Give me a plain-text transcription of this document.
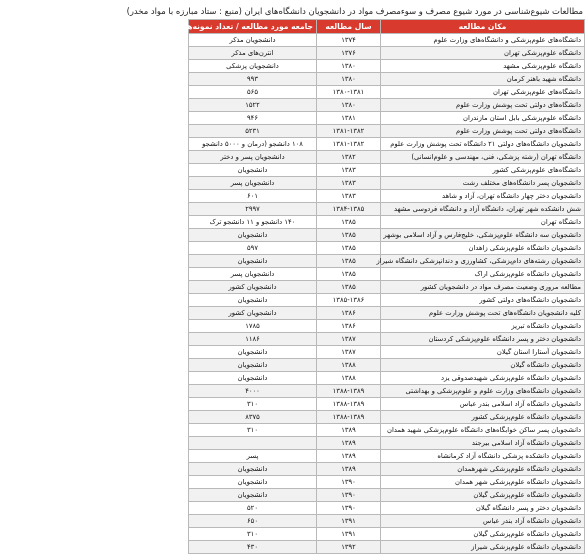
مطالعات شیوع‌شناسی در مورد شیوع مصرف و سوء‌مصرف مواد در دانشجویان دانشگاه‌های ایران (منبع : ستاد مبارزه با مواد مخدر)
مکان مطالعه	سال مطالعه	جامعه مورد مطالعه / تعداد نمونه‌ها‌هه‌نفر	
دانشگاه‌های علوم‌پزشکی و دانشگاه‌های وزارت علوم	۱۳۷۴	دانشجویان مذکر	
دانشگاه علوم‌پزشکی تهران	۱۳۷۶	انترن‌های مذکر	
دانشگاه علوم‌پزشکی مشهد	۱۳۸۰	دانشجویان پزشکی	
دانشگاه شهید باهنر کرمان	۱۳۸۰	۹۹۳	
دانشگاه‌های علوم‌پزشکی تهران	۱۳۸۰-۱۳۸۱	۵۶۵	
دانشگاه‌های دولتی تحت پوشش وزارت علوم	۱۳۸۰	۱۵۲۲	
دانشگاه علوم‌پزشکی بابل استان مازندران	۱۳۸۱	۹۴۶	
دانشگاه‌های دولتی تحت پوشش وزارت علوم	۱۳۸۱-۱۳۸۲	۵۲۳۱	
دانشجویان دانشگاه‌های دولتی ۲۱ دانشگاه تحت پوشش وزارت علوم	۱۳۸۱-۱۳۸۲	۱۰۸ دانشجو (درمان و ۵۰۰۰ دانشجو	
دانشگاه تهران (رشته پزشکی، فنی، مهندسی و علوم‌انسانی)	۱۳۸۲	دانشجویان پسر و دختر	
دانشگاه‌های علوم‌پزشکی کشور	۱۳۸۳	دانشجویان	
دانشجویان پسر دانشگاه‌های مختلف رشت	۱۳۸۳	دانشجویان پسر	
دانشجویان دختر چهار دانشگاه تهران، آزاد و شاهد	۱۳۸۳	۶۰۱	
شش دانشکده شهر تهران، دانشگاه آزاد و دانشگاه فردوسی مشهد	۱۳۸۴-۱۳۸۵	۲۹۹۷	
دانشگاه تهران	۱۳۸۵	۱۴۰ دانشجو و ۱۱ دانشجو ترک	
دانشجویان سه دانشگاه علوم‌پزشکی، خلیج‌فارس و آزاد اسلامی بوشهر	۱۳۸۵	دانشجویان	
دانشجویان دانشگاه علوم‌پزشکی زاهدان	۱۳۸۵	۵۹۷	
دانشجویان رشته‌های دام‌پزشکی، کشاورزی و دندانپزشکی دانشگاه شیراز	۱۳۸۵	دانشجویان	
دانشجویان دانشگاه علوم‌پزشکی اراک	۱۳۸۵	دانشجویان پسر	
مطالعه مروری وضعیت مصرف مواد در دانشجویان کشور	۱۳۸۵	دانشجویان کشور	
دانشجویان دانشگاه‌های دولتی کشور	۱۳۸۵-۱۳۸۶	دانشجویان	
کلیه دانشجویان دانشگاه‌های تحت پوشش وزارت علوم	۱۳۸۶	دانشجویان کشور	
دانشجویان دانشگاه تبریز	۱۳۸۶	۱۷۸۵	
دانشجویان دختر و پسر دانشگاه علوم‌پزشکی کردستان	۱۳۸۷	۱۱۸۶	
دانشجویان آستارا استان گیلان	۱۳۸۷	دانشجویان	
دانشجویان دانشگاه گیلان	۱۳۸۸	دانشجویان	
دانشجویان دانشگاه علوم‌پزشکی شهید‌صدوقی یزد	۱۳۸۸	دانشجویان	
دانشجویان دانشگاه‌های وزارت علوم و علوم‌پزشکی و بهداشتی	۱۳۸۸-۱۳۸۹	۴۰۰۰	
دانشجویان دانشگاه آزاد اسلامی بندر عباس	۱۳۸۸-۱۳۸۹	۳۱۰	
دانشجویان دانشگاه علوم‌پزشکی کشور	۱۳۸۸-۱۳۸۹	۸۳۷۵	
دانشجویان پسر ساکن خوابگاه‌های دانشگاه علوم‌پزشکی شهید همدان	۱۳۸۹	۳۱۰	
دانشجویان دانشگاه آزاد اسلامی بیرجند	۱۳۸۹		
دانشجویان دانشکده پزشکی دانشگاه آزاد کرمانشاه	۱۳۸۹	پسر	
دانشجویان دانشگاه علوم‌پزشکی شهرهمدان	۱۳۸۹	دانشجویان	
دانشجویان دانشگاه علوم‌پزشکی شهر همدان	۱۳۹۰	دانشجویان	
دانشجویان دانشگاه علوم‌پزشکی گیلان	۱۳۹۰	دانشجویان	
دانشجویان دختر و پسر دانشگاه گیلان	۱۳۹۰	۵۲۰	
دانشجویان دانشگاه آزاد بندر عباس	۱۳۹۱	۶۵۰	
دانشجویان دانشگاه علوم‌پزشکی گیلان	۱۳۹۱	۳۱۰	
دانشجویان دانشگاه علوم‌پزشکی شیراز	۱۳۹۲	۴۳۰	
